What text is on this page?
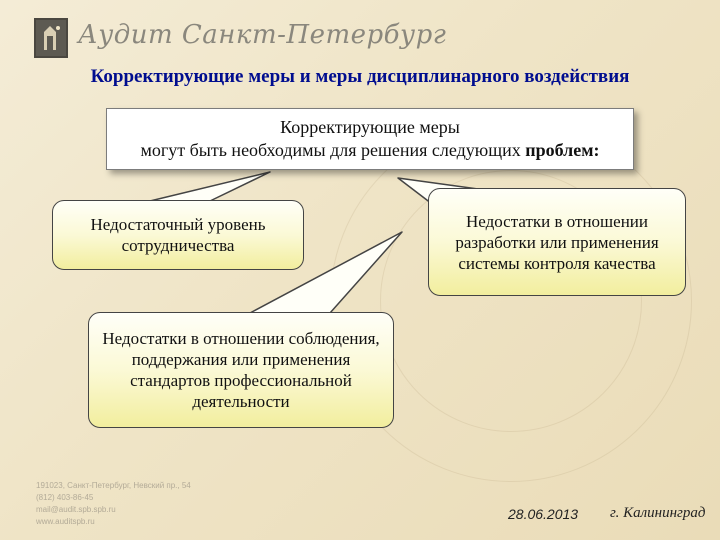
Аудит Санкт-Петербург
Корректирующие меры и меры дисциплинарного воздействия
Корректирующие меры
могут быть необходимы для решения следующих проблем:
Недостаточный уровень сотрудничества
Недостатки в отношении разработки или применения системы контроля качества
Недостатки в отношении соблюдения, поддержания или применения стандартов профессиональной деятельности
191023, Санкт-Петербург, Невский пр., 54
(812) 403-86-45
mail@audit.spb.spb.ru
www.auditspb.ru	28.06.2013 г. Калининград
